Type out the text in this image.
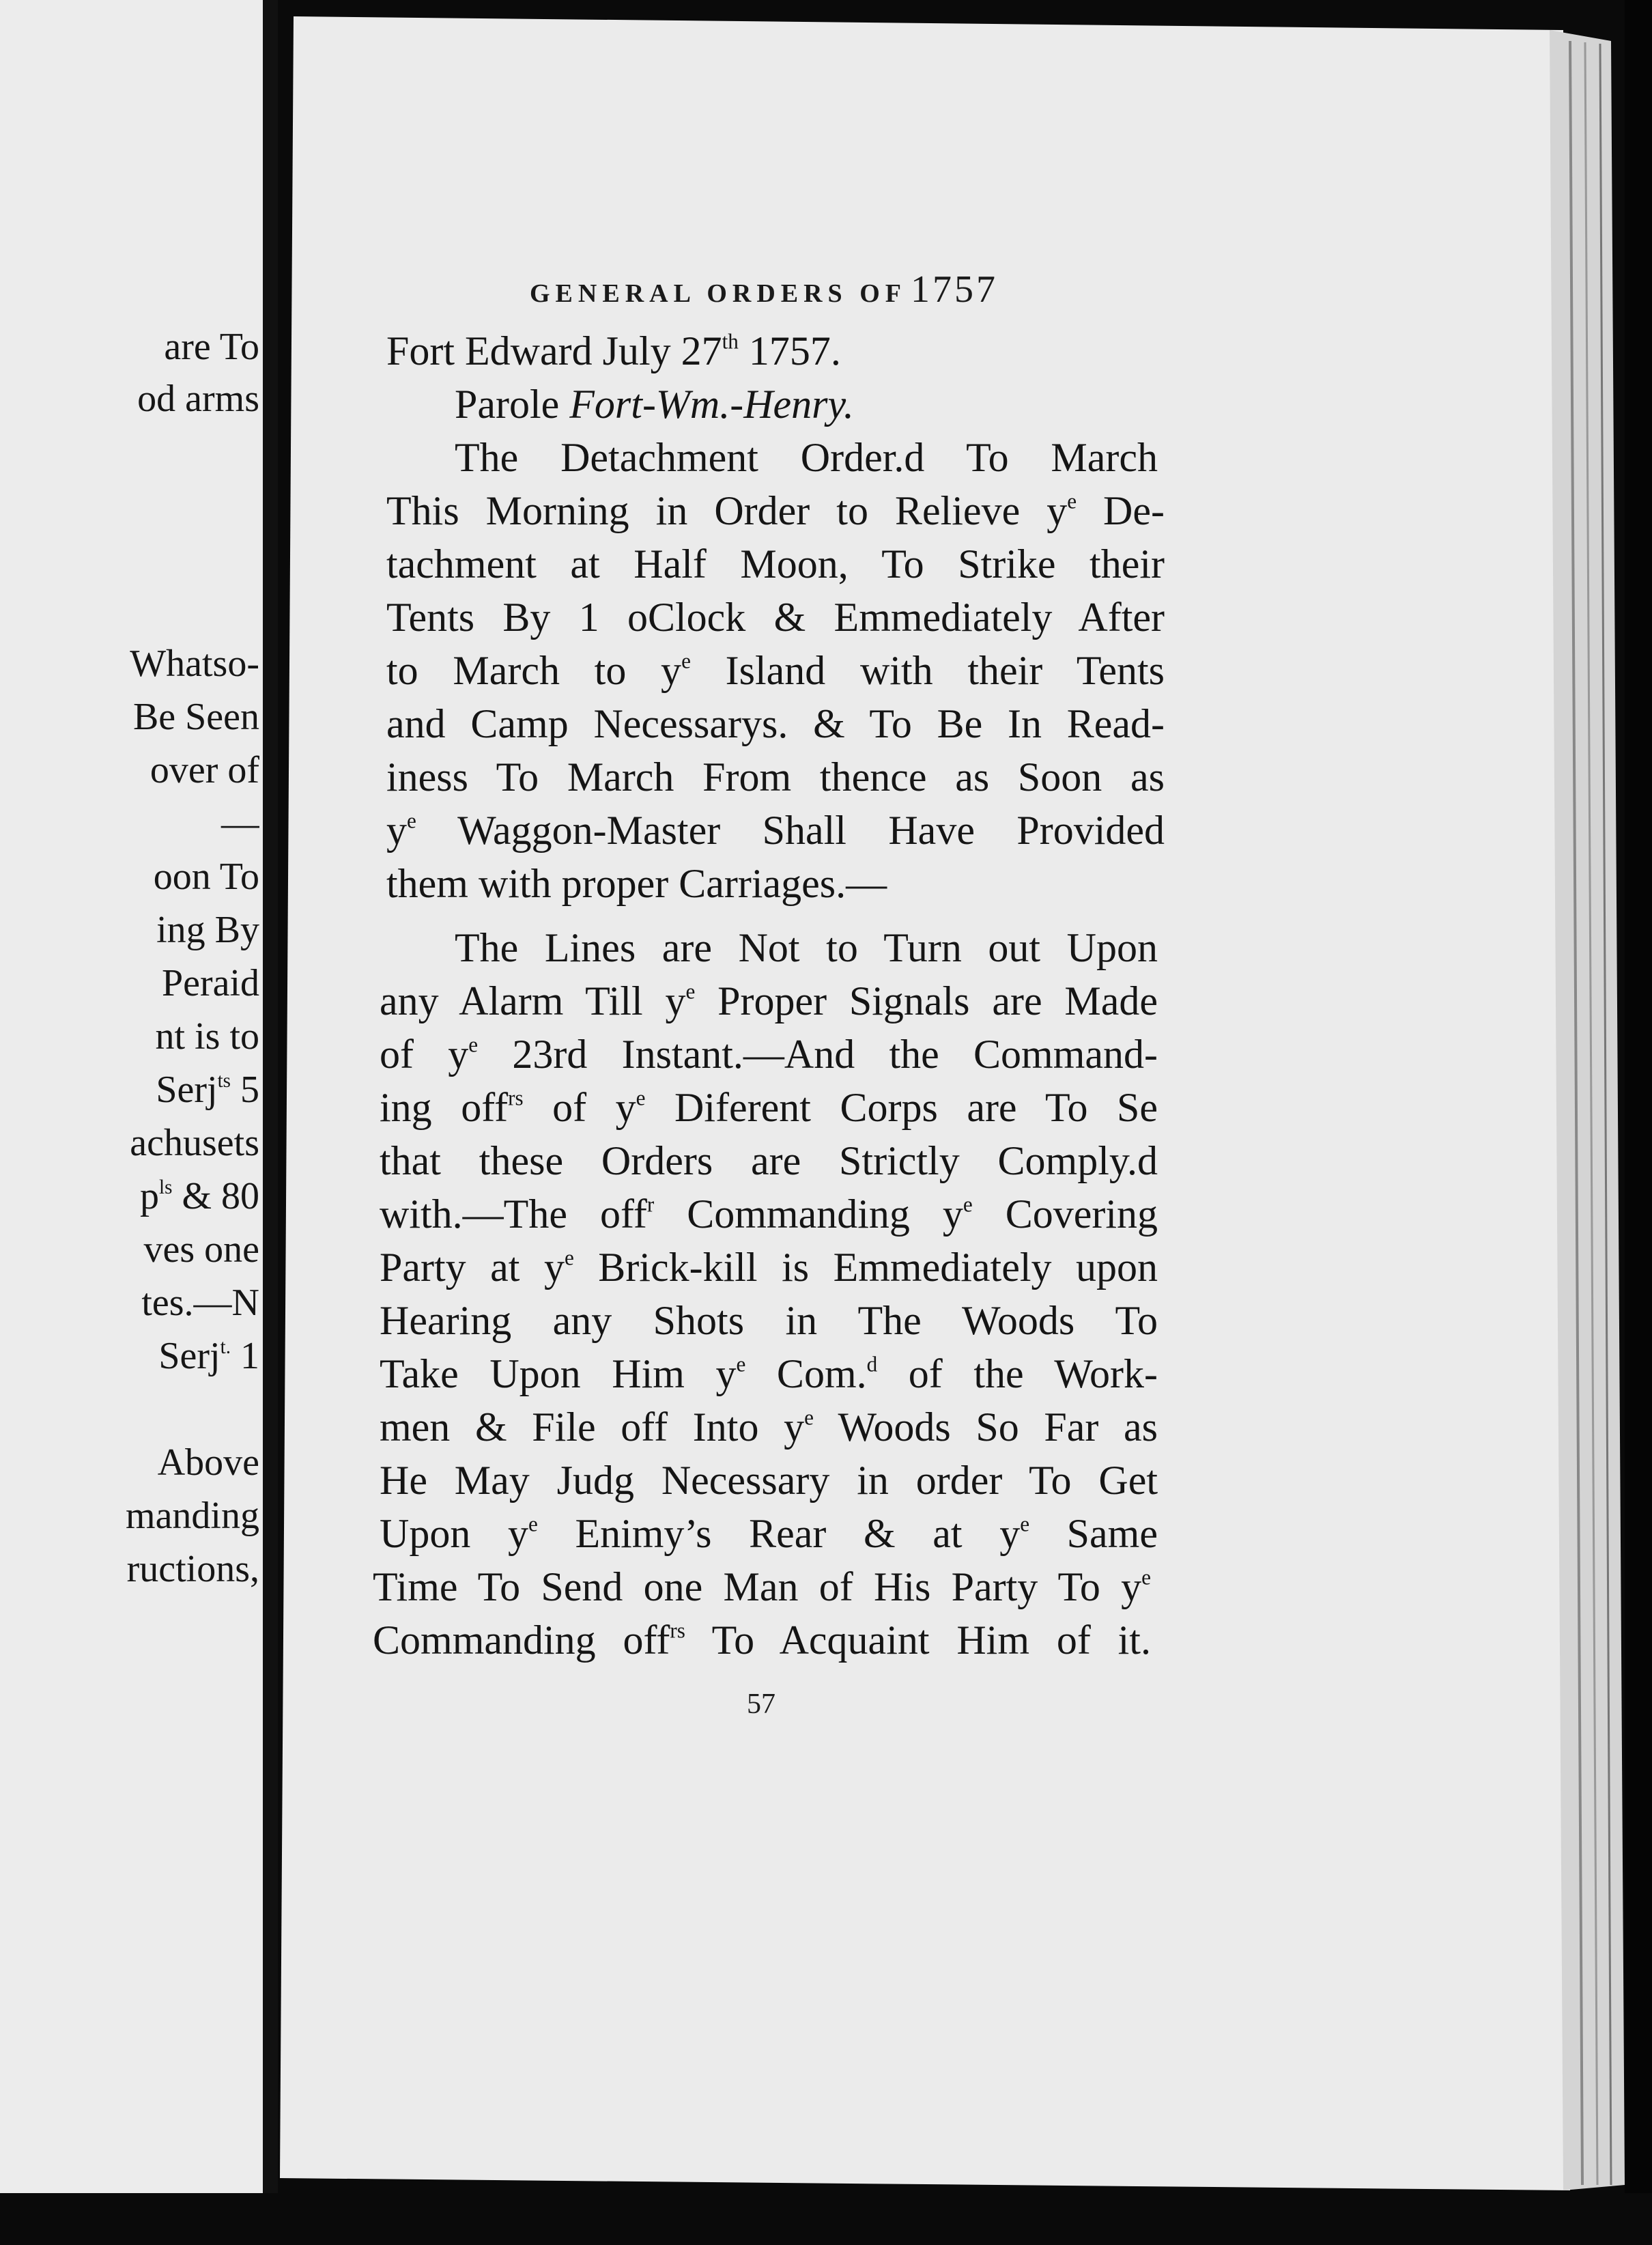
are To
od arms
Whatso-
Be Seen
over of
—
oon To
ing By
Peraid
nt is to
Serj$^{ts}$ 5
achusets
$p^{ls}$ & 80
ves one
tes.—N
Serj$^{t.}$ 1
Above
manding
ructions,
GENERAL ORDERS OF 1757
Fort Edward July 27th 1757.
Parole Fort-Wm.-Henry.
The Detachment Order.d To March
This Morning in Order to Relieve $y^e$ De-
tachment at Half Moon, To Strike their
Tents By 1 oClock & Emmediately After
to March to $y^e$ Island with their Tents
and Camp Necessarys. & To Be In Read-
iness To March From thence as Soon as
$y^e$ Waggon-Master Shall Have Provided
them with proper Carriages.—
The Lines are Not to Turn out Upon
any Alarm Till $y^e$ Proper Signals are Made
of $y^e$ 23rd Instant.—And the Command-
ing off$^{rs}$ of $y^e$ Diferent Corps are To Se
that these Orders are Strictly Comply.d
with.—The off$^r$ Commanding $y^e$ Covering
Party at $y^e$ Brick-kill is Emmediately upon
Hearing any Shots in The Woods To
Take Upon Him $y^e$ Com.$^d$ of the Work-
men & File off Into $y^e$ Woods So Far as
He May Judg Necessary in order To Get
Upon $y^e$ Enimy’s Rear & at $y^e$ Same
Time To Send one Man of His Party To $y^e$
Commanding off$^{rs}$ To Acquaint Him of it.
57
